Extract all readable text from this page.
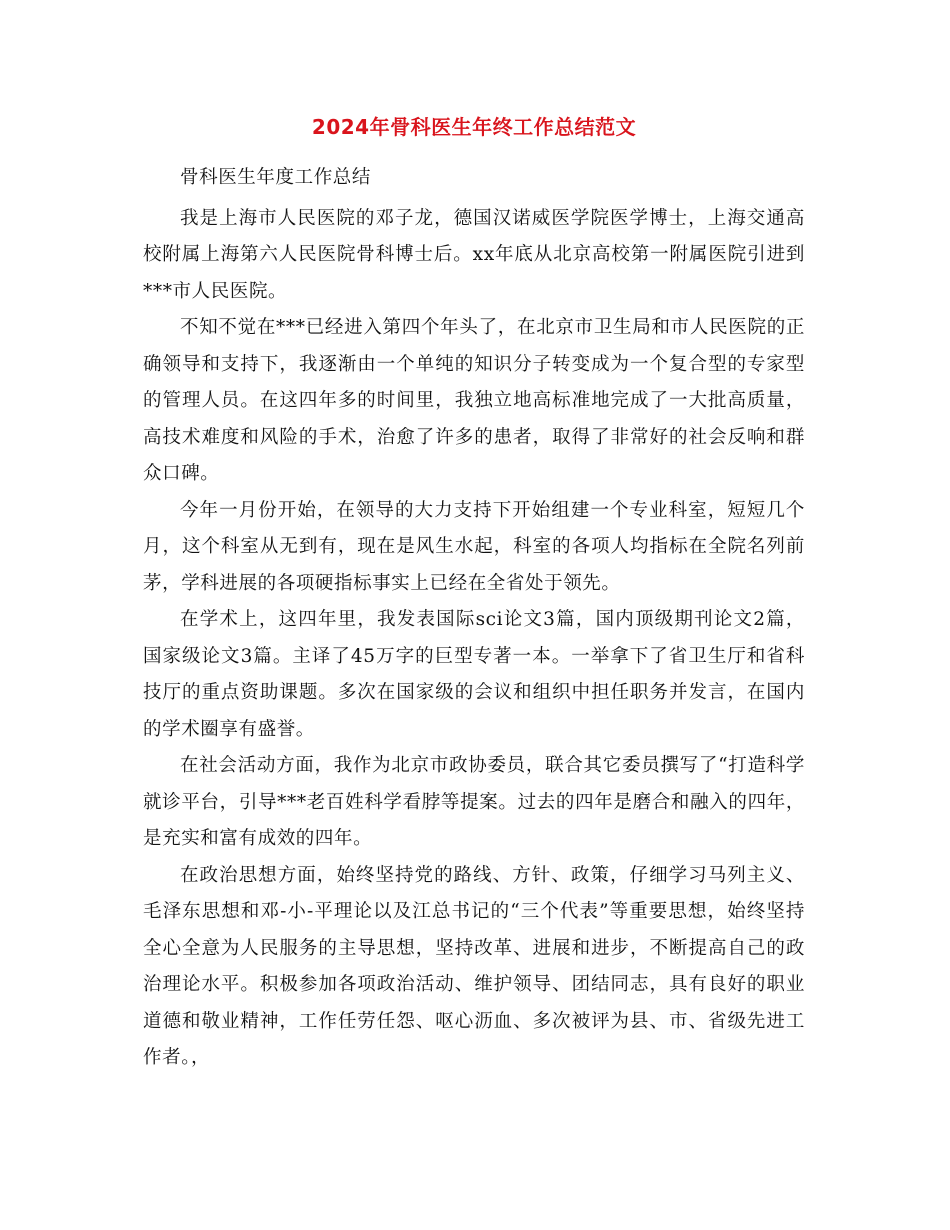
2024年骨科医生年终工作总结范文

骨科医生年度工作总结

我是上海市人民医院的邓子龙，德国汉诺威医学院医学博士，上海交通高校附属上海第六人民医院骨科博士后。xx年底从北京高校第一附属医院引进到***市人民医院。

不知不觉在***已经进入第四个年头了，在北京市卫生局和市人民医院的正确领导和支持下，我逐渐由一个单纯的知识分子转变成为一个复合型的专家型的管理人员。在这四年多的时间里，我独立地高标准地完成了一大批高质量，高技术难度和风险的手术，治愈了许多的患者，取得了非常好的社会反响和群众口碑。

今年一月份开始，在领导的大力支持下开始组建一个专业科室，短短几个月，这个科室从无到有，现在是风生水起，科室的各项人均指标在全院名列前茅，学科进展的各项硬指标事实上已经在全省处于领先。

在学术上，这四年里，我发表国际sci论文3篇，国内顶级期刊论文2篇，国家级论文3篇。主译了45万字的巨型专著一本。一举拿下了省卫生厅和省科技厅的重点资助课题。多次在国家级的会议和组织中担任职务并发言，在国内的学术圈享有盛誉。

在社会活动方面，我作为北京市政协委员，联合其它委员撰写了“打造科学就诊平台，引导***老百姓科学看脖等提案。过去的四年是磨合和融入的四年，是充实和富有成效的四年。

在政治思想方面，始终坚持党的路线、方针、政策，仔细学习马列主义、毛泽东思想和邓-小-平理论以及江总书记的“三个代表”等重要思想，始终坚持全心全意为人民服务的主导思想，坚持改革、进展和进步，不断提高自己的政治理论水平。积极参加各项政治活动、维护领导、团结同志，具有良好的职业道德和敬业精神，工作任劳任怨、呕心沥血、多次被评为县、市、省级先进工作者。，
